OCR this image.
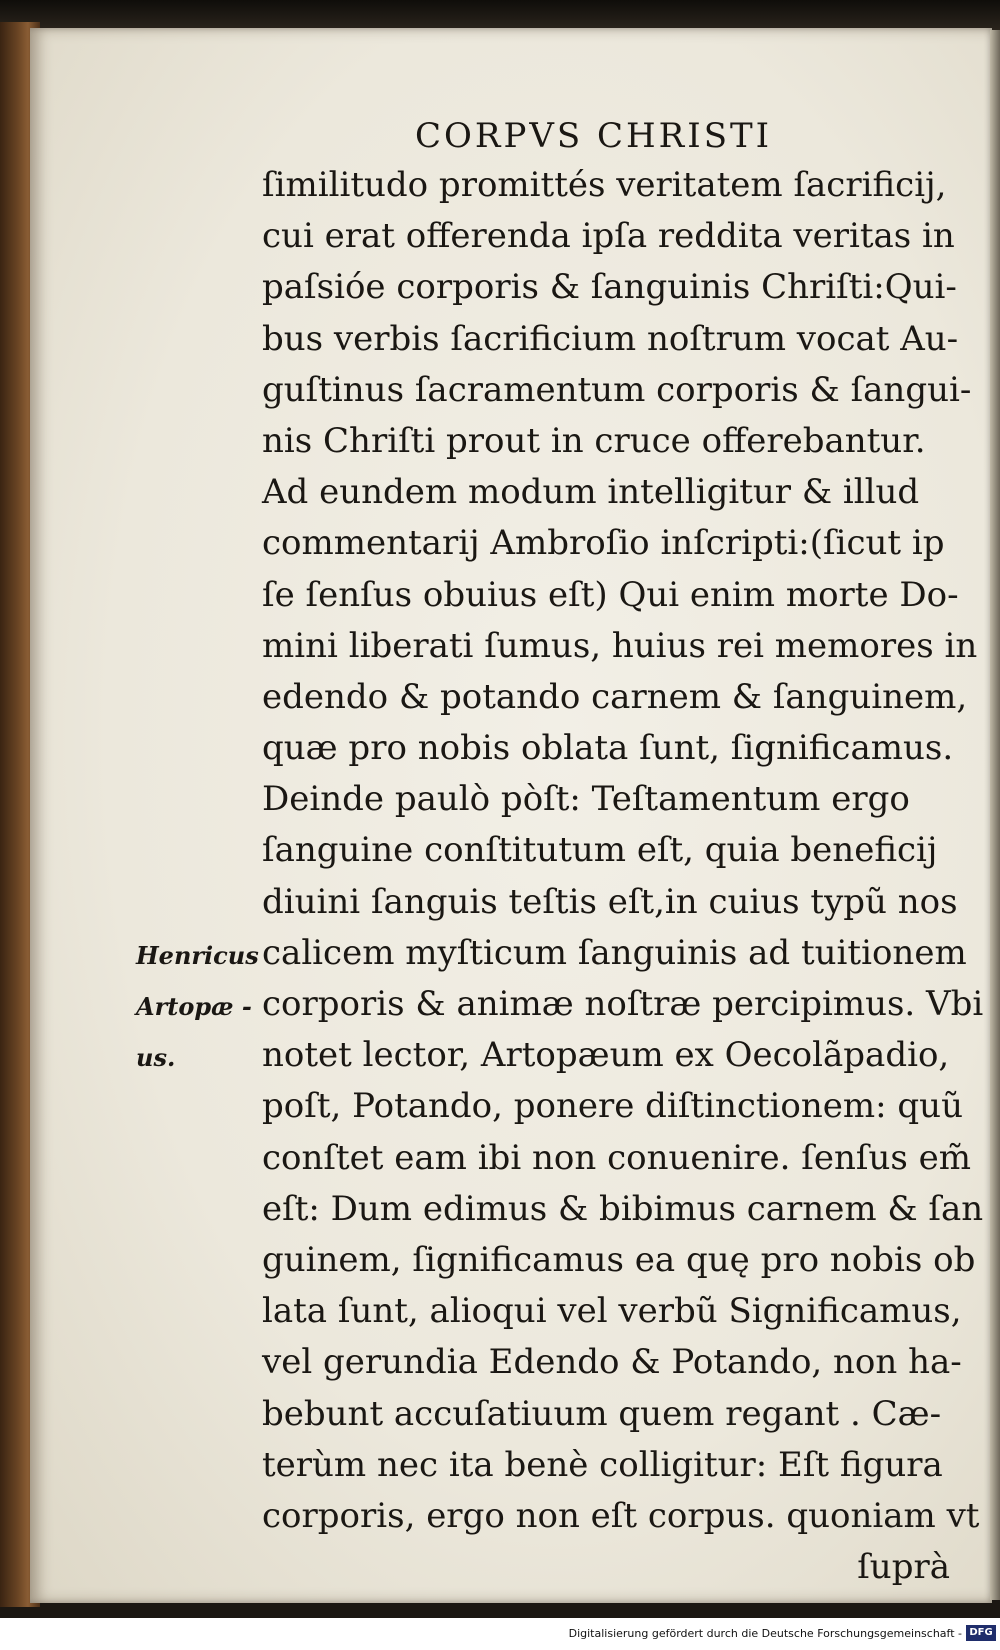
CORPVS CHRISTI
ſimilitudo promittés veritatem ſacrificij,
cui erat offerenda ipſa reddita veritas in
paſsióe corporis & ſanguinis Chriſti:Qui-
bus verbis ſacrificium noſtrum vocat Au-
guſtinus ſacramentum corporis & ſangui-
nis Chriſti prout in cruce offerebantur.
Ad eundem modum intelligitur & illud
commentarij Ambroſio inſcripti:(ſicut ip
ſe ſenſus obuius eſt) Qui enim morte Do-
mini liberati ſumus, huius rei memores in
edendo & potando carnem & ſanguinem,
quæ pro nobis oblata ſunt, ſignificamus.
Deinde paulò pòſt: Teſtamentum ergo
ſanguine conſtitutum eſt, quia beneficij
diuini ſanguis teſtis eſt,in cuius typũ nos
calicem myſticum ſanguinis ad tuitionem
corporis & animæ noſtræ percipimus. Vbi
notet lector, Artopæum ex Oecolãpadio,
poſt, Potando, ponere diſtinctionem: quũ
conſtet eam ibi non conuenire. ſenſus em̃
eſt: Dum edimus & bibimus carnem & ſan
guinem, ſignificamus ea quę pro nobis ob
lata ſunt, alioqui vel verbũ Significamus,
vel gerundia Edendo & Potando, non ha-
bebunt accuſatiuum quem regant . Cæ-
terùm nec ita benè colligitur: Eſt figura
corporis, ergo non eſt corpus. quoniam vt
ſuprà
Henricus
Artopæ -
us.
Digitalisierung gefördert durch die Deutsche Forschungsgemeinschaft - DFG
